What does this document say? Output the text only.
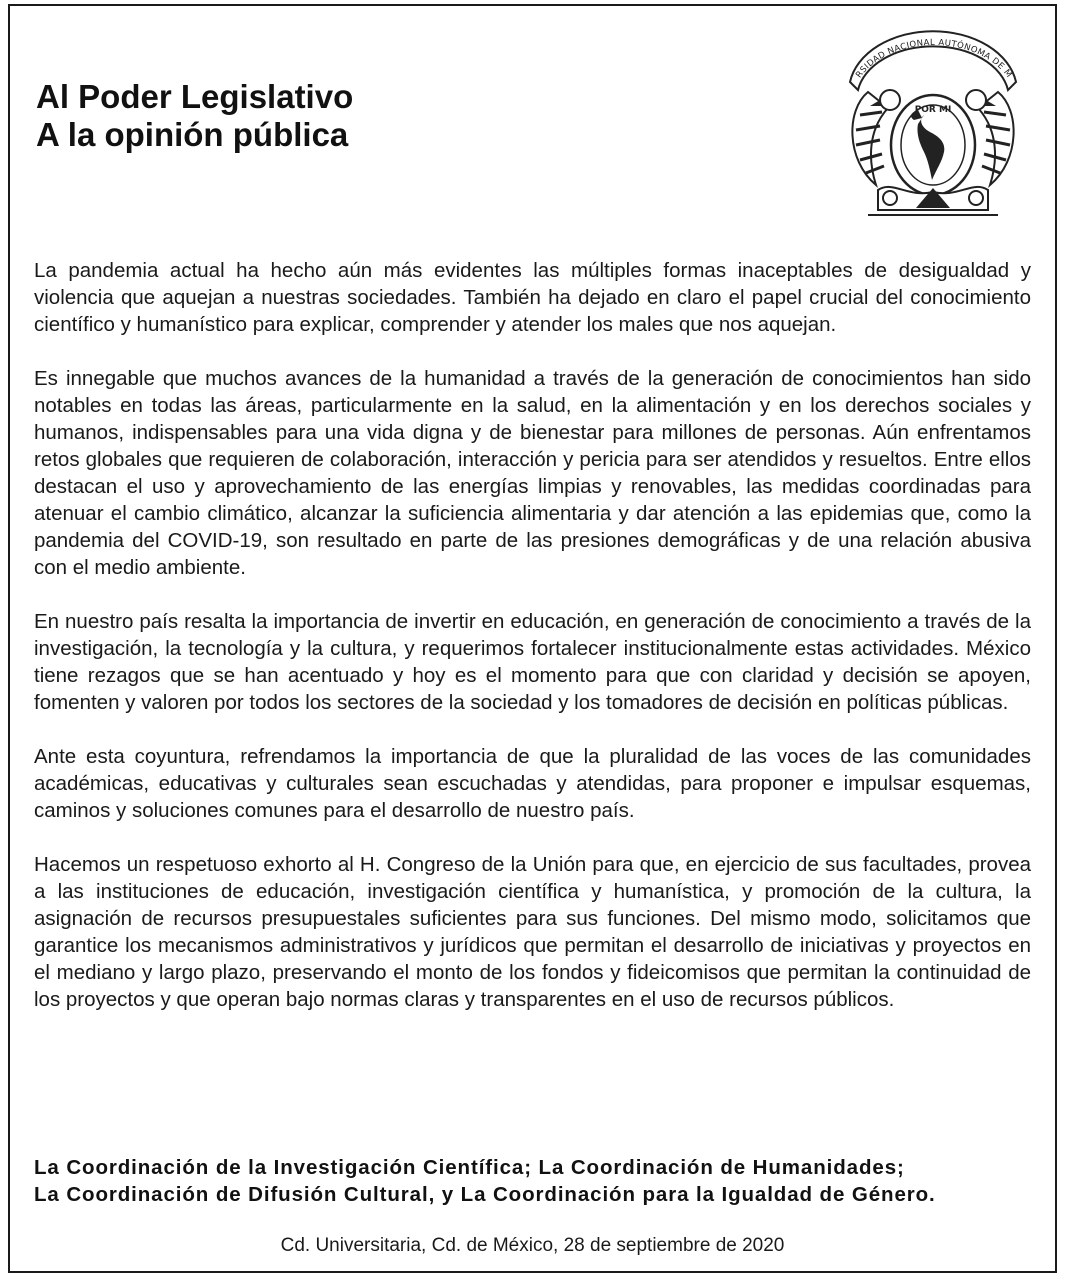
Al Poder Legislativo
A la opinión pública
RSIDAD NACIONAL AUTÓNOMA DE M
POR MI

La pandemia actual ha hecho aún más evidentes las múltiples formas inaceptables de desigualdad y violencia que aquejan a nuestras sociedades. También ha dejado en claro el papel crucial del conocimiento científico y humanístico para explicar, comprender y atender los males que nos aquejan.

Es innegable que muchos avances de la humanidad a través de la generación de conocimientos han sido notables en todas las áreas, particularmente en la salud, en la alimentación y en los derechos sociales y humanos, indispensables para una vida digna y de bienestar para millones de personas. Aún enfrentamos retos globales que requieren de colaboración, interacción y pericia para ser atendidos y resueltos. Entre ellos destacan el uso y aprovechamiento de las energías limpias y renovables, las medidas coordinadas para atenuar el cambio climático, alcanzar la suficiencia alimentaria y dar atención a las epidemias que, como la pandemia del COVID-19, son resultado en parte de las presiones demográficas y de una relación abusiva con el medio ambiente.

En nuestro país resalta la importancia de invertir en educación, en generación de conocimiento a través de la investigación, la tecnología y la cultura, y requerimos fortalecer institucionalmente estas actividades. México tiene rezagos que se han acentuado y hoy es el momento para que con claridad y decisión se apoyen, fomenten y valoren por todos los sectores de la sociedad y los tomadores de decisión en políticas públicas.

Ante esta coyuntura, refrendamos la importancia de que la pluralidad de las voces de las comunidades académicas, educativas y culturales sean escuchadas y atendidas, para proponer e impulsar esquemas, caminos y soluciones comunes para el desarrollo de nuestro país.

Hacemos un respetuoso exhorto al H. Congreso de la Unión para que, en ejercicio de sus facultades, provea a las instituciones de educación, investigación científica y humanística, y promoción de la cultura, la asignación de recursos presupuestales suficientes para sus funciones. Del mismo modo, solicitamos que garantice los mecanismos administrativos y jurídicos que permitan el desarrollo de iniciativas y proyectos en el mediano y largo plazo, preservando el monto de los fondos y fideicomisos que permitan la continuidad de los proyectos y que operan bajo normas claras y transparentes en el uso de recursos públicos.

La Coordinación de la Investigación Científica; La Coordinación de Humanidades;
La Coordinación de Difusión Cultural, y La Coordinación para la Igualdad de Género.
Cd. Universitaria, Cd. de México, 28 de septiembre de 2020
